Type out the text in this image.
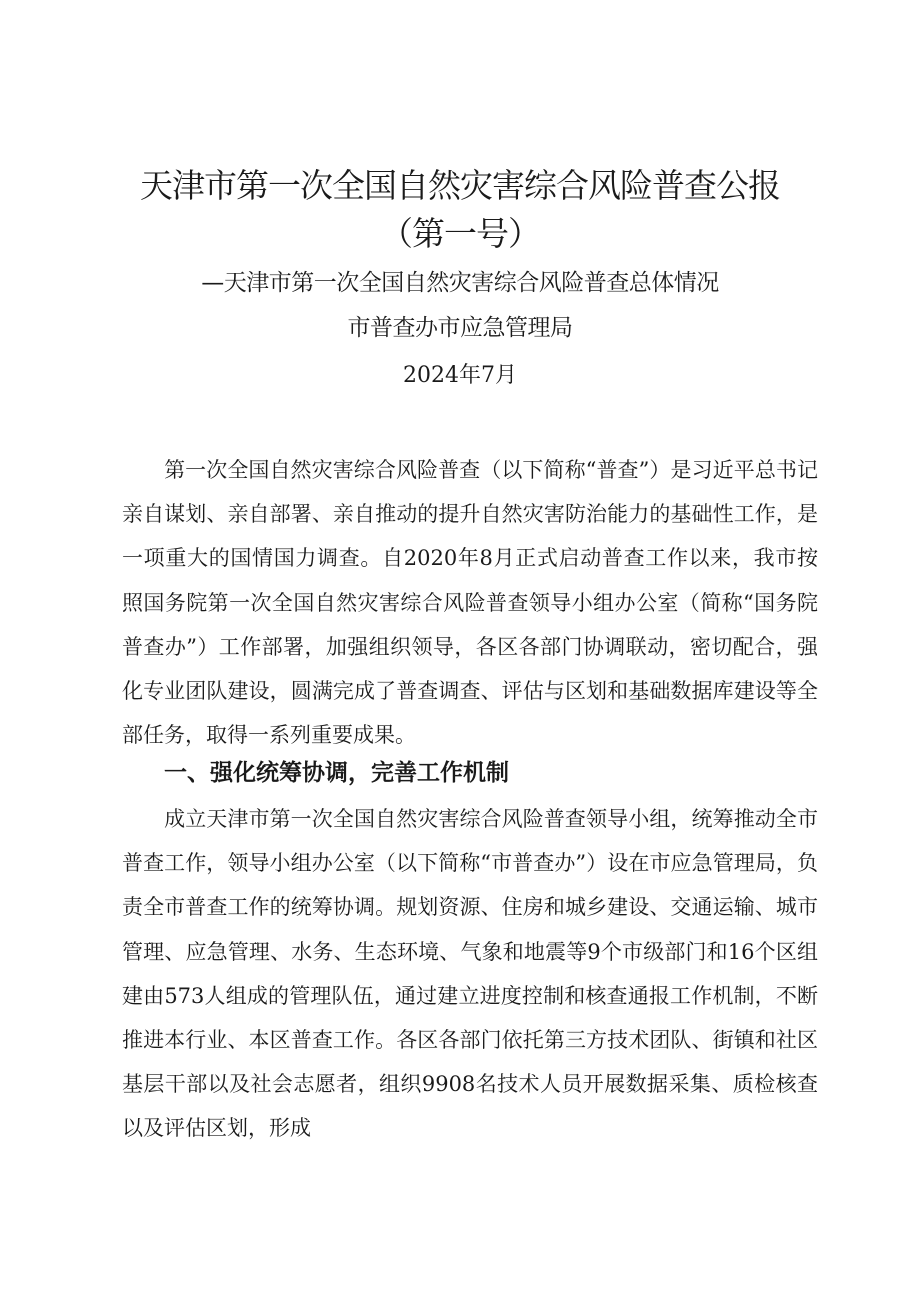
天津市第一次全国自然灾害综合风险普查公报
（第一号）
—天津市第一次全国自然灾害综合风险普查总体情况
市普查办市应急管理局
2024年7月

第一次全国自然灾害综合风险普查（以下简称“普查”）是习近平总书记亲自谋划、亲自部署、亲自推动的提升自然灾害防治能力的基础性工作，是一项重大的国情国力调查。自2020年8月正式启动普查工作以来，我市按照国务院第一次全国自然灾害综合风险普查领导小组办公室（简称“国务院普查办”）工作部署，加强组织领导，各区各部门协调联动，密切配合，强化专业团队建设，圆满完成了普查调查、评估与区划和基础数据库建设等全部任务，取得一系列重要成果。

一、强化统筹协调，完善工作机制

成立天津市第一次全国自然灾害综合风险普查领导小组，统筹推动全市普查工作，领导小组办公室（以下简称“市普查办”）设在市应急管理局，负责全市普查工作的统筹协调。规划资源、住房和城乡建设、交通运输、城市管理、应急管理、水务、生态环境、气象和地震等9个市级部门和16个区组建由573人组成的管理队伍，通过建立进度控制和核查通报工作机制，不断推进本行业、本区普查工作。各区各部门依托第三方技术团队、街镇和社区基层干部以及社会志愿者，组织9908名技术人员开展数据采集、质检核查以及评估区划，形成
